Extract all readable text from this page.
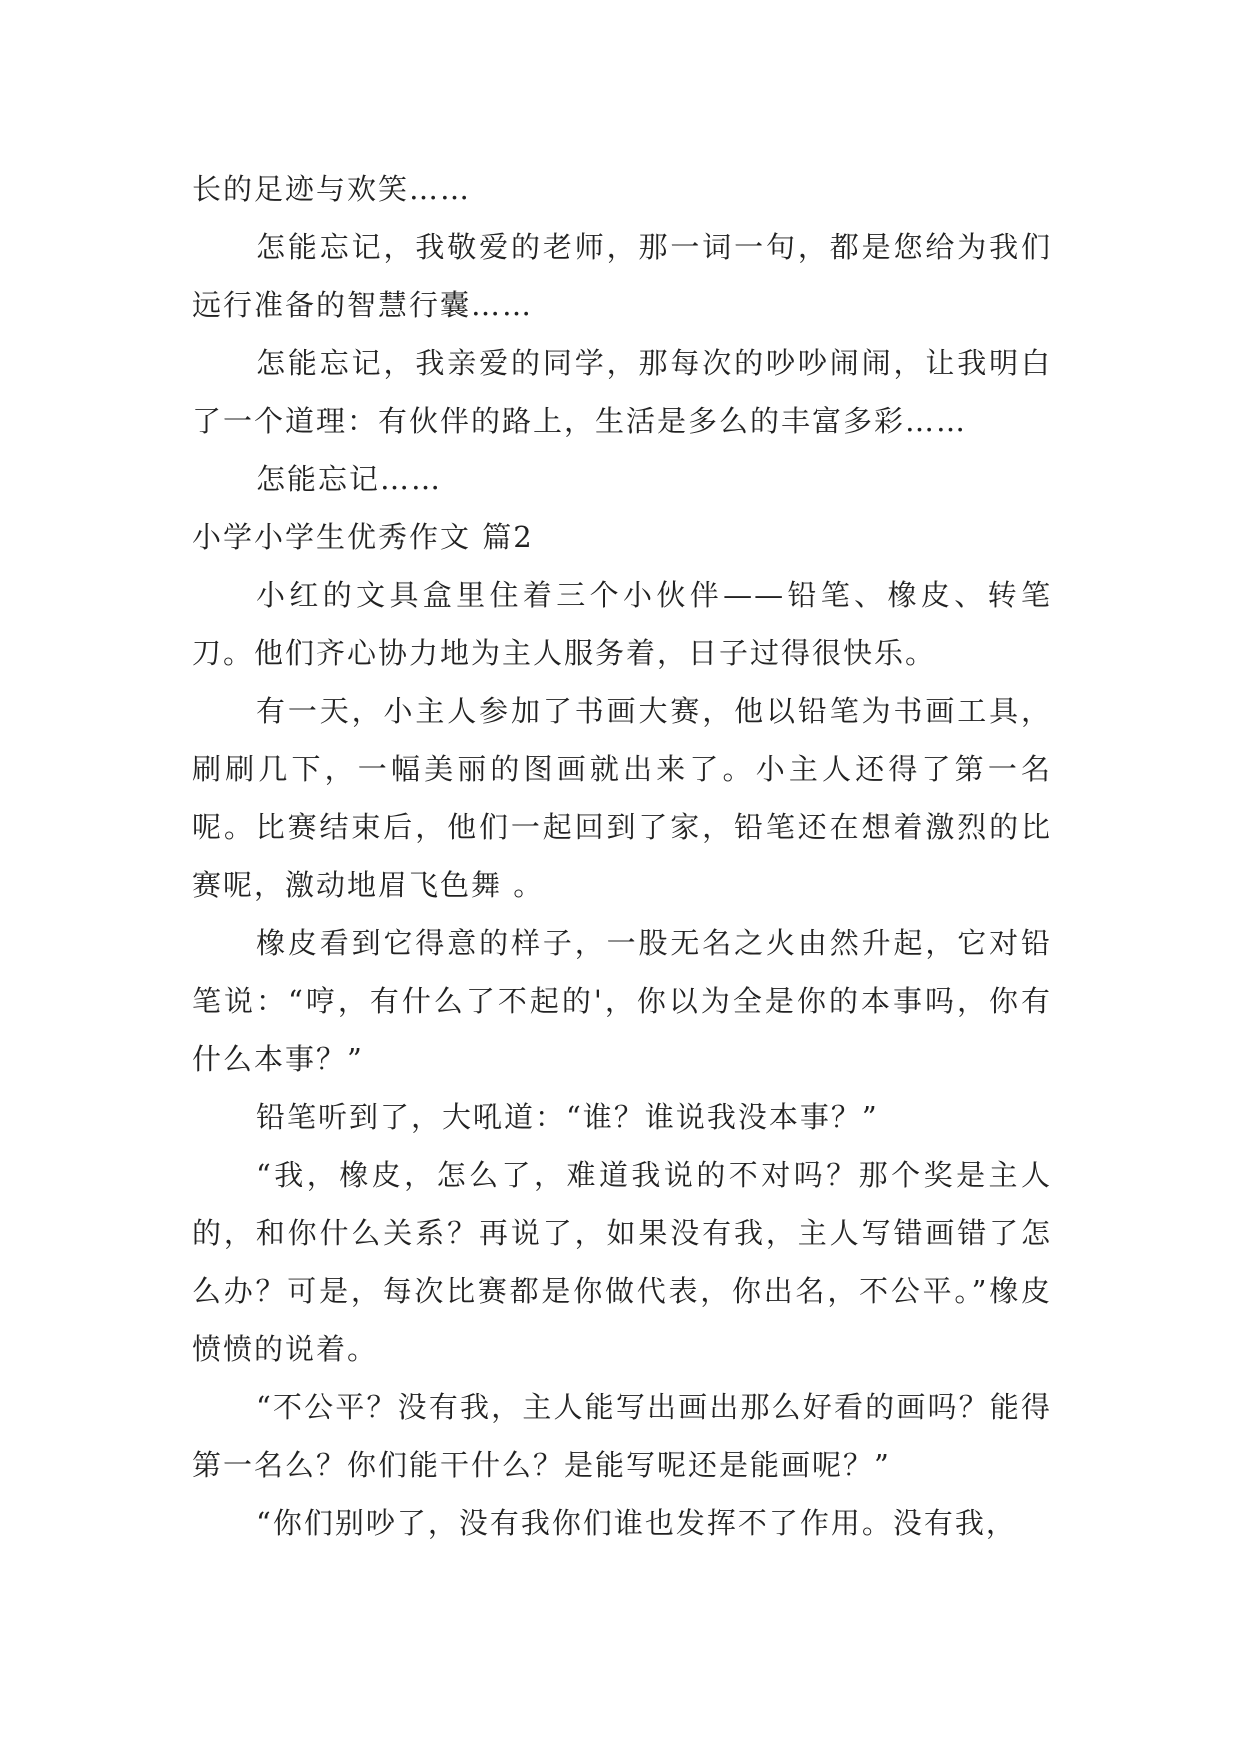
长的足迹与欢笑……

怎能忘记，我敬爱的老师，那一词一句，都是您给为我们远行准备的智慧行囊……

怎能忘记，我亲爱的同学，那每次的吵吵闹闹，让我明白了一个道理：有伙伴的路上，生活是多么的丰富多彩……

怎能忘记……

小学小学生优秀作文 篇2

小红的文具盒里住着三个小伙伴——铅笔、橡皮、转笔刀。他们齐心协力地为主人服务着，日子过得很快乐。

有一天，小主人参加了书画大赛，他以铅笔为书画工具，刷刷几下，一幅美丽的图画就出来了。小主人还得了第一名呢。比赛结束后，他们一起回到了家，铅笔还在想着激烈的比赛呢，激动地眉飞色舞 。

橡皮看到它得意的样子，一股无名之火由然升起，它对铅笔说：“哼，有什么了不起的'，你以为全是你的本事吗，你有什么本事？”

铅笔听到了，大吼道：“谁？谁说我没本事？”

“我，橡皮，怎么了，难道我说的不对吗？那个奖是主人的，和你什么关系？再说了，如果没有我，主人写错画错了怎么办？可是，每次比赛都是你做代表，你出名，不公平。”橡皮愤愤的说着。

“不公平？没有我，主人能写出画出那么好看的画吗？能得第一名么？你们能干什么？是能写呢还是能画呢？”

“你们别吵了，没有我你们谁也发挥不了作用。没有我，
